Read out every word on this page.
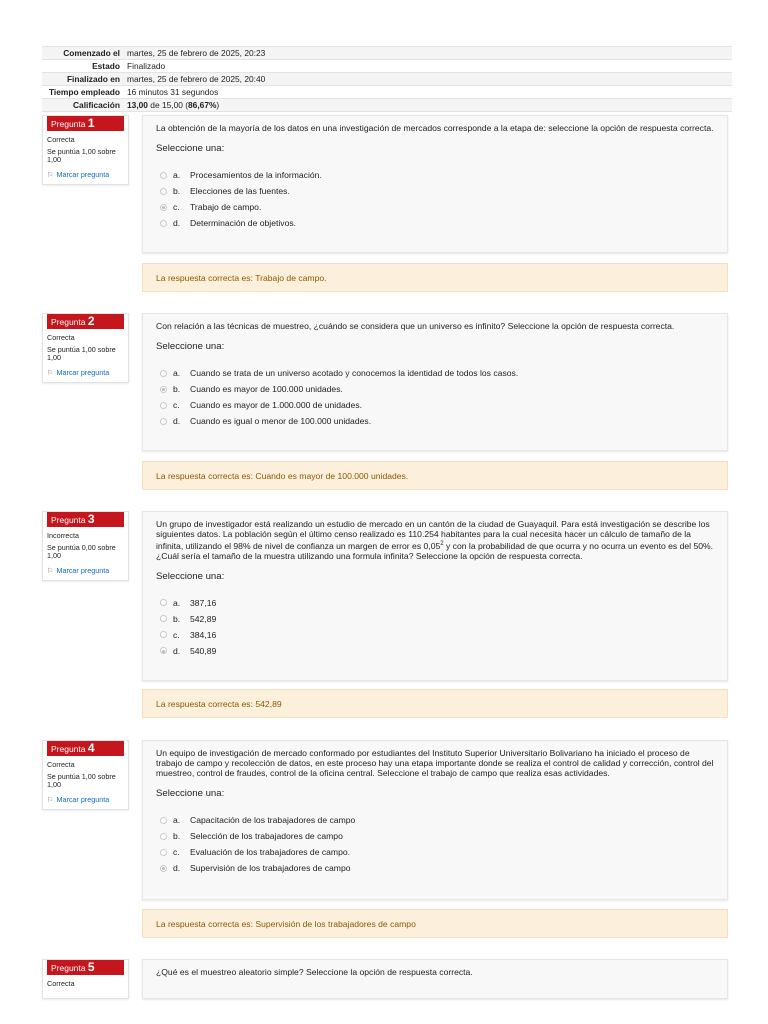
Comenzado el martes, 25 de febrero de 2025, 20:23
Estado Finalizado
Finalizado en martes, 25 de febrero de 2025, 20:40
Tiempo empleado 16 minutos 31 segundos
Calificación 13,00 de 15,00 (86,67%)
Pregunta 1
Correcta
Se puntúa 1,00 sobre 1,00
⚐ Marcar pregunta
La obtención de la mayoría de los datos en una investigación de mercados corresponde a la etapa de: seleccione la opción de respuesta correcta.
Seleccione una:
a.	Procesamientos de la información.
b.	Elecciones de las fuentes.
c.	Trabajo de campo.
d.	Determinación de objetivos.
La respuesta correcta es: Trabajo de campo.
Pregunta 2
Correcta
Se puntúa 1,00 sobre 1,00
⚐ Marcar pregunta
Con relación a las técnicas de muestreo, ¿cuándo se considera que un universo es infinito? Seleccione la opción de respuesta correcta.
Seleccione una:
a.	Cuando se trata de un universo acotado y conocemos la identidad de todos los casos.
b.	Cuando es mayor de 100.000 unidades.
c.	Cuando es mayor de 1.000.000 de unidades.
d.	Cuando es igual o menor de 100.000 unidades.
La respuesta correcta es: Cuando es mayor de 100.000 unidades.
Pregunta 3
Incorrecta
Se puntúa 0,00 sobre 1,00
⚐ Marcar pregunta
Un grupo de investigador está realizando un estudio de mercado en un cantón de la ciudad de Guayaquil. Para está investigación se describe los siguientes datos. La población según el último censo realizado es 110.254 habitantes para la cual necesita hacer un cálculo de tamaño de la infinita, utilizando el 98% de nivel de confianza un margen de error es 0,05$^2$ y con la probabilidad de que ocurra y no ocurra un evento es del 50%. ¿Cuál sería el tamaño de la muestra utilizando una formula infinita? Seleccione la opción de respuesta correcta.
Seleccione una:
a.	387,16
b.	542,89
c.	384,16
d.	540,89
La respuesta correcta es: 542,89
Pregunta 4
Correcta
Se puntúa 1,00 sobre 1,00
⚐ Marcar pregunta
Un equipo de investigación de mercado conformado por estudiantes del Instituto Superior Universitario Bolivariano ha iniciado el proceso de trabajo de campo y recolección de datos, en este proceso hay una etapa importante donde se realiza el control de calidad y corrección, control del muestreo, control de fraudes, control de la oficina central. Seleccione el trabajo de campo que realiza esas actividades.
Seleccione una:
a.	Capacitación de los trabajadores de campo
b.	Selección de los trabajadores de campo
c.	Evaluación de los trabajadores de campo.
d.	Supervisión de los trabajadores de campo
La respuesta correcta es: Supervisión de los trabajadores de campo
Pregunta 5
Correcta
¿Qué es el muestreo aleatorio simple? Seleccione la opción de respuesta correcta.
